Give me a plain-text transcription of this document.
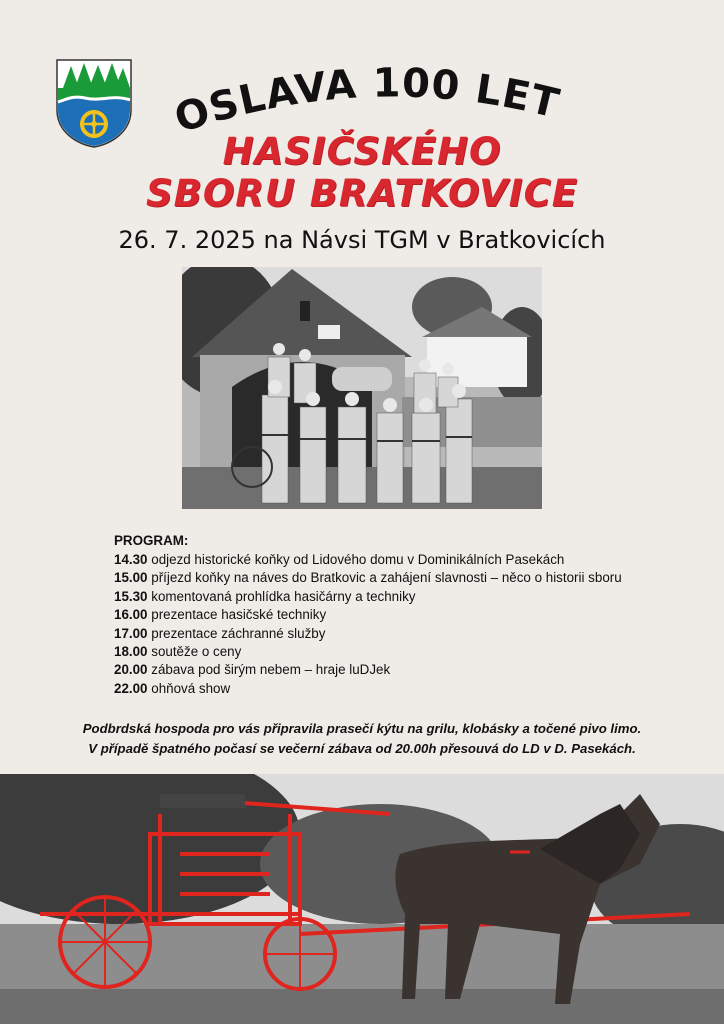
OSLAVA 100 LET
HASIČSKÉHO
SBORU BRATKOVICE
26. 7. 2025 na Návsi TGM v Bratkovicích
PROGRAM:
14.30 odjezd historické koňky od Lidového domu v Dominikálních Pasekách
15.00 příjezd koňky na náves do Bratkovic a zahájení slavnosti – něco o historii sboru
15.30 komentovaná prohlídka hasičárny a techniky
16.00 prezentace hasičské techniky
17.00 prezentace záchranné služby
18.00 soutěže o ceny
20.00 zábava pod širým nebem – hraje luDJek
22.00 ohňová show
Podbrdská hospoda pro vás připravila prasečí kýtu na grilu, klobásky a točené pivo limo.
V případě špatného počasí se večerní zábava od 20.00h přesouvá do LD v D. Pasekách.
